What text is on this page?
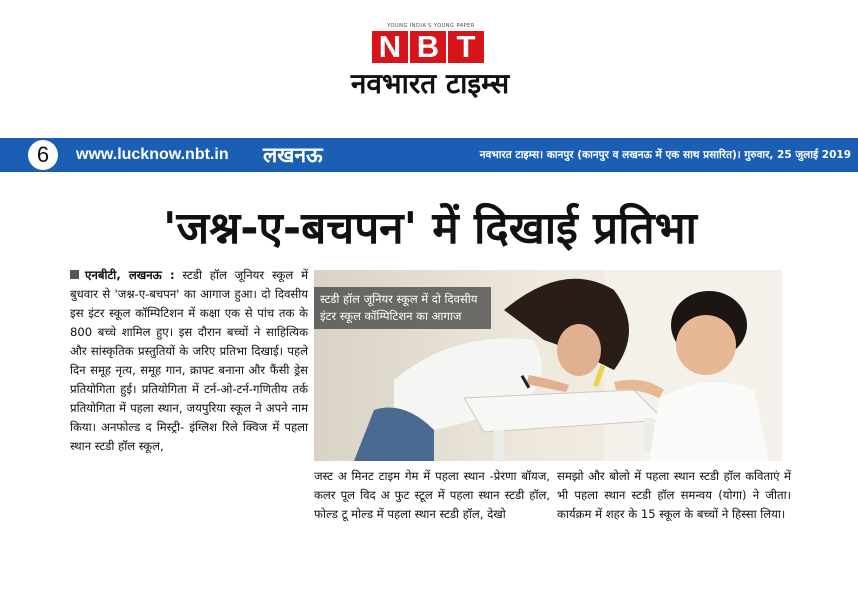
YOUNG INDIA'S YOUNG PAPER
N B T
नवभारत टाइम्स
6	www.lucknow.nbt.in लखनऊ	नवभारत टाइम्स। कानपुर (कानपुर व लखनऊ में एक साथ प्रसारित)। गुरुवार, 25 जुलाई 2019
'जश्न-ए-बचपन' में दिखाई प्रतिभा
एनबीटी, लखनऊ : स्टडी हॉल जूनियर स्कूल में बुधवार से 'जश्न-ए-बचपन' का आगाज हुआ। दो दिवसीय इस इंटर स्कूल कॉम्पिटिशन में कक्षा एक से पांच तक के 800 बच्चे शामिल हुए। इस दौरान बच्चों ने साहित्यिक और सांस्कृतिक प्रस्तुतियों के जरिए प्रतिभा दिखाई। पहले दिन समूह नृत्य, समूह गान, क्राफ्ट बनाना और फैंसी ड्रेस प्रतियोगिता हुई। प्रतियोगिता में टर्न-ओ-टर्न-गणितीय तर्क प्रतियोगिता में पहला स्थान, जयपुरिया स्कूल ने अपने नाम किया। अनफोल्ड द मिस्ट्री- इंग्लिश रिले क्विज में पहला स्थान स्टडी हॉल स्कूल,
स्टडी हॉल जूनियर स्कूल में दो दिवसीय इंटर स्कूल कॉम्पिटिशन का आगाज
जस्ट अ मिनट टाइम गेम में पहला स्थान -प्रेरणा बॉयज, कलर पूल विद अ फुट स्टूल में पहला स्थान स्टडी हॉल, फोल्ड टू मोल्ड में पहला स्थान स्टडी हॉल, देखो
समझो और बोलो में पहला स्थान स्टडी हॉल कविताएं में भी पहला स्थान स्टडी हॉल समन्वय (योगा) ने जीता। कार्यक्रम में शहर के 15 स्कूल के बच्चों ने हिस्सा लिया।
